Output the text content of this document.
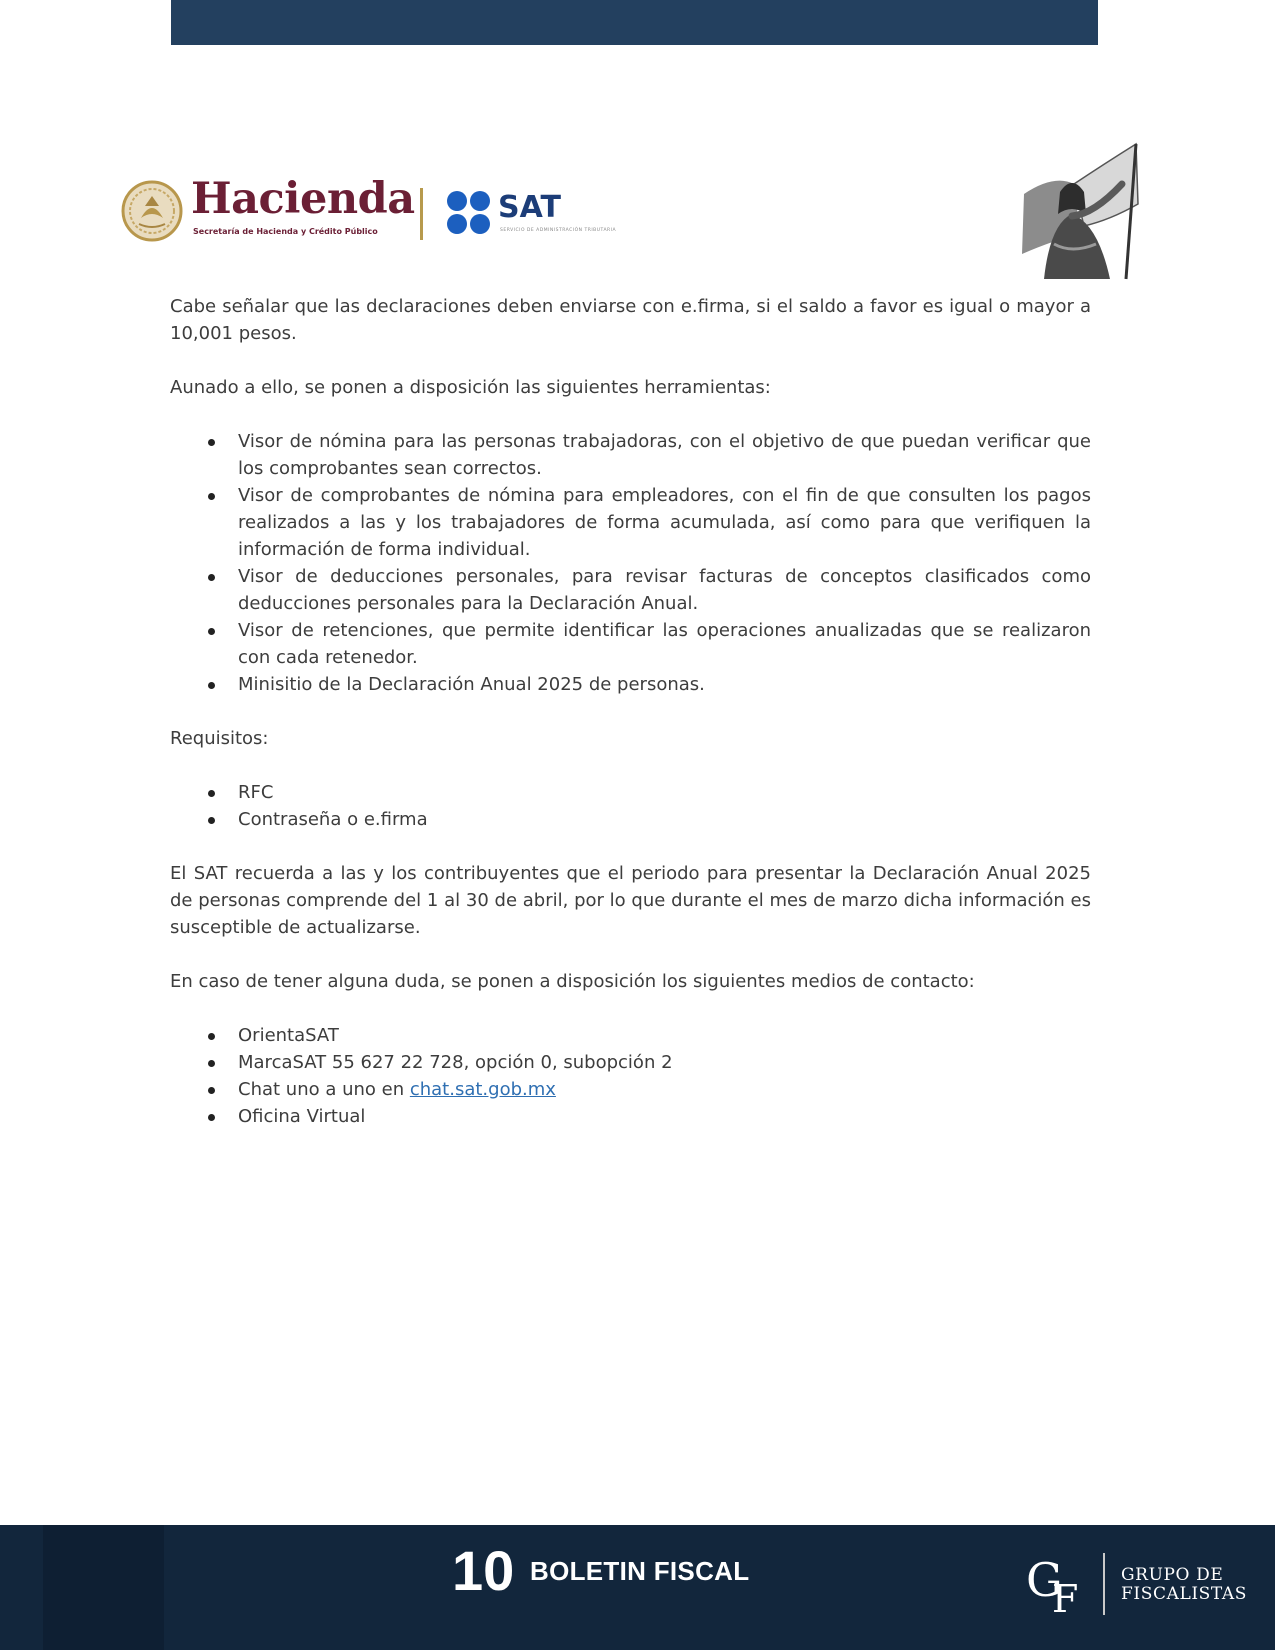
Hacienda
Secretaría de Hacienda y Crédito Público
SAT
SERVICIO DE ADMINISTRACIÓN TRIBUTARIA

Cabe señalar que las declaraciones deben enviarse con e.firma, si el saldo a favor es igual o mayor a 10,001 pesos.

Aunado a ello, se ponen a disposición las siguientes herramientas:

Visor de nómina para las personas trabajadoras, con el objetivo de que puedan verificar que los comprobantes sean correctos.
Visor de comprobantes de nómina para empleadores, con el fin de que consulten los pagos realizados a las y los trabajadores de forma acumulada, así como para que verifiquen la información de forma individual.
Visor de deducciones personales, para revisar facturas de conceptos clasificados como deducciones personales para la Declaración Anual.
Visor de retenciones, que permite identificar las operaciones anualizadas que se realizaron con cada retenedor.
Minisitio de la Declaración Anual 2025 de personas.

Requisitos:

RFC
Contraseña o e.firma

El SAT recuerda a las y los contribuyentes que el periodo para presentar la Declaración Anual 2025 de personas comprende del 1 al 30 de abril, por lo que durante el mes de marzo dicha información es susceptible de actualizarse.

En caso de tener alguna duda, se ponen a disposición los siguientes medios de contacto:

OrientaSAT
MarcaSAT 55 627 22 728, opción 0, subopción 2
Chat uno a uno en chat.sat.gob.mx
Oficina Virtual
R&C
CAPACITADORA
10 BOLETIN FISCAL	G
F
GRUPO DE
FISCALISTAS
